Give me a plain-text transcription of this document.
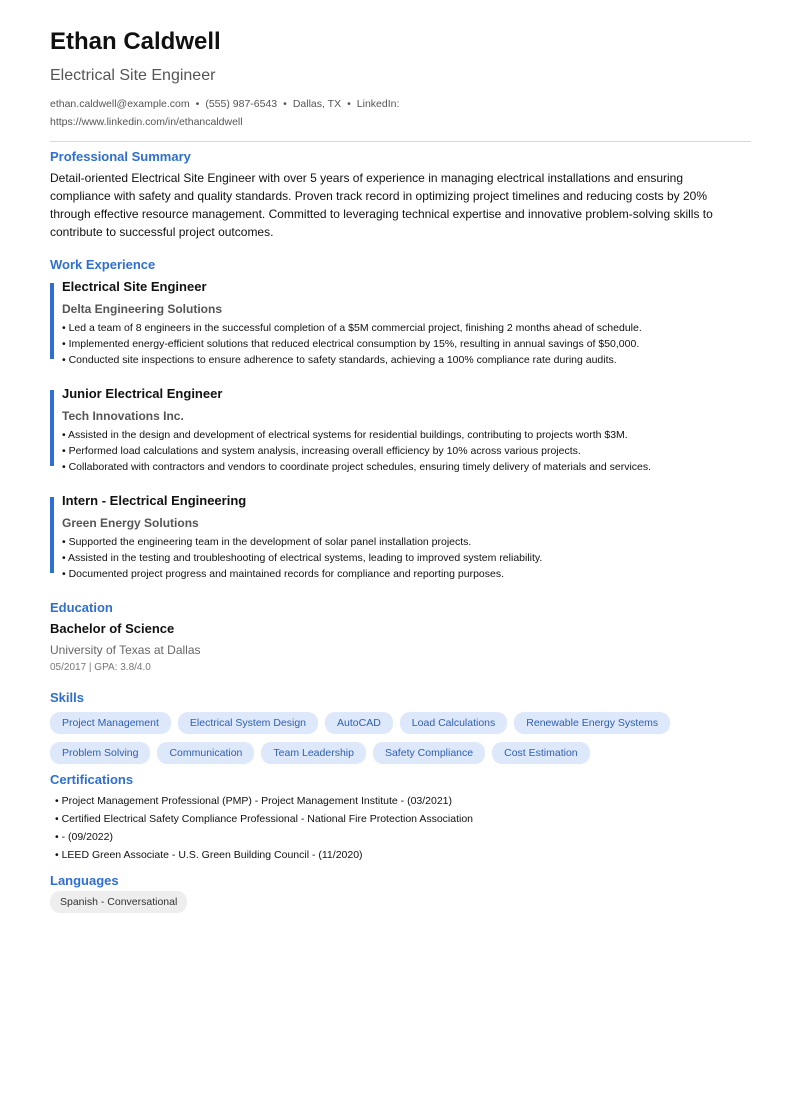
Ethan Caldwell
Electrical Site Engineer
ethan.caldwell@example.com • (555) 987-6543 • Dallas, TX • LinkedIn:
https://www.linkedin.com/in/ethancaldwell
Professional Summary
Detail-oriented Electrical Site Engineer with over 5 years of experience in managing electrical installations and ensuring compliance with safety and quality standards. Proven track record in optimizing project timelines and reducing costs by 20% through effective resource management. Committed to leveraging technical expertise and innovative problem-solving skills to contribute to successful project outcomes.
Work Experience
Electrical Site Engineer
Delta Engineering Solutions
• Led a team of 8 engineers in the successful completion of a $5M commercial project, finishing 2 months ahead of schedule.
• Implemented energy-efficient solutions that reduced electrical consumption by 15%, resulting in annual savings of $50,000.
• Conducted site inspections to ensure adherence to safety standards, achieving a 100% compliance rate during audits.
Junior Electrical Engineer
Tech Innovations Inc.
• Assisted in the design and development of electrical systems for residential buildings, contributing to projects worth $3M.
• Performed load calculations and system analysis, increasing overall efficiency by 10% across various projects.
• Collaborated with contractors and vendors to coordinate project schedules, ensuring timely delivery of materials and services.
Intern - Electrical Engineering
Green Energy Solutions
• Supported the engineering team in the development of solar panel installation projects.
• Assisted in the testing and troubleshooting of electrical systems, leading to improved system reliability.
• Documented project progress and maintained records for compliance and reporting purposes.
Education
Bachelor of Science
University of Texas at Dallas
05/2017 | GPA: 3.8/4.0
Skills
Project Management	Electrical System Design	AutoCAD	Load Calculations	Renewable Energy Systems
Problem Solving	Communication	Team Leadership	Safety Compliance	Cost Estimation
Certifications
• Project Management Professional (PMP) - Project Management Institute - (03/2021)
• Certified Electrical Safety Compliance Professional - National Fire Protection Association
• - (09/2022)
• LEED Green Associate - U.S. Green Building Council - (11/2020)
Languages
Spanish - Conversational
